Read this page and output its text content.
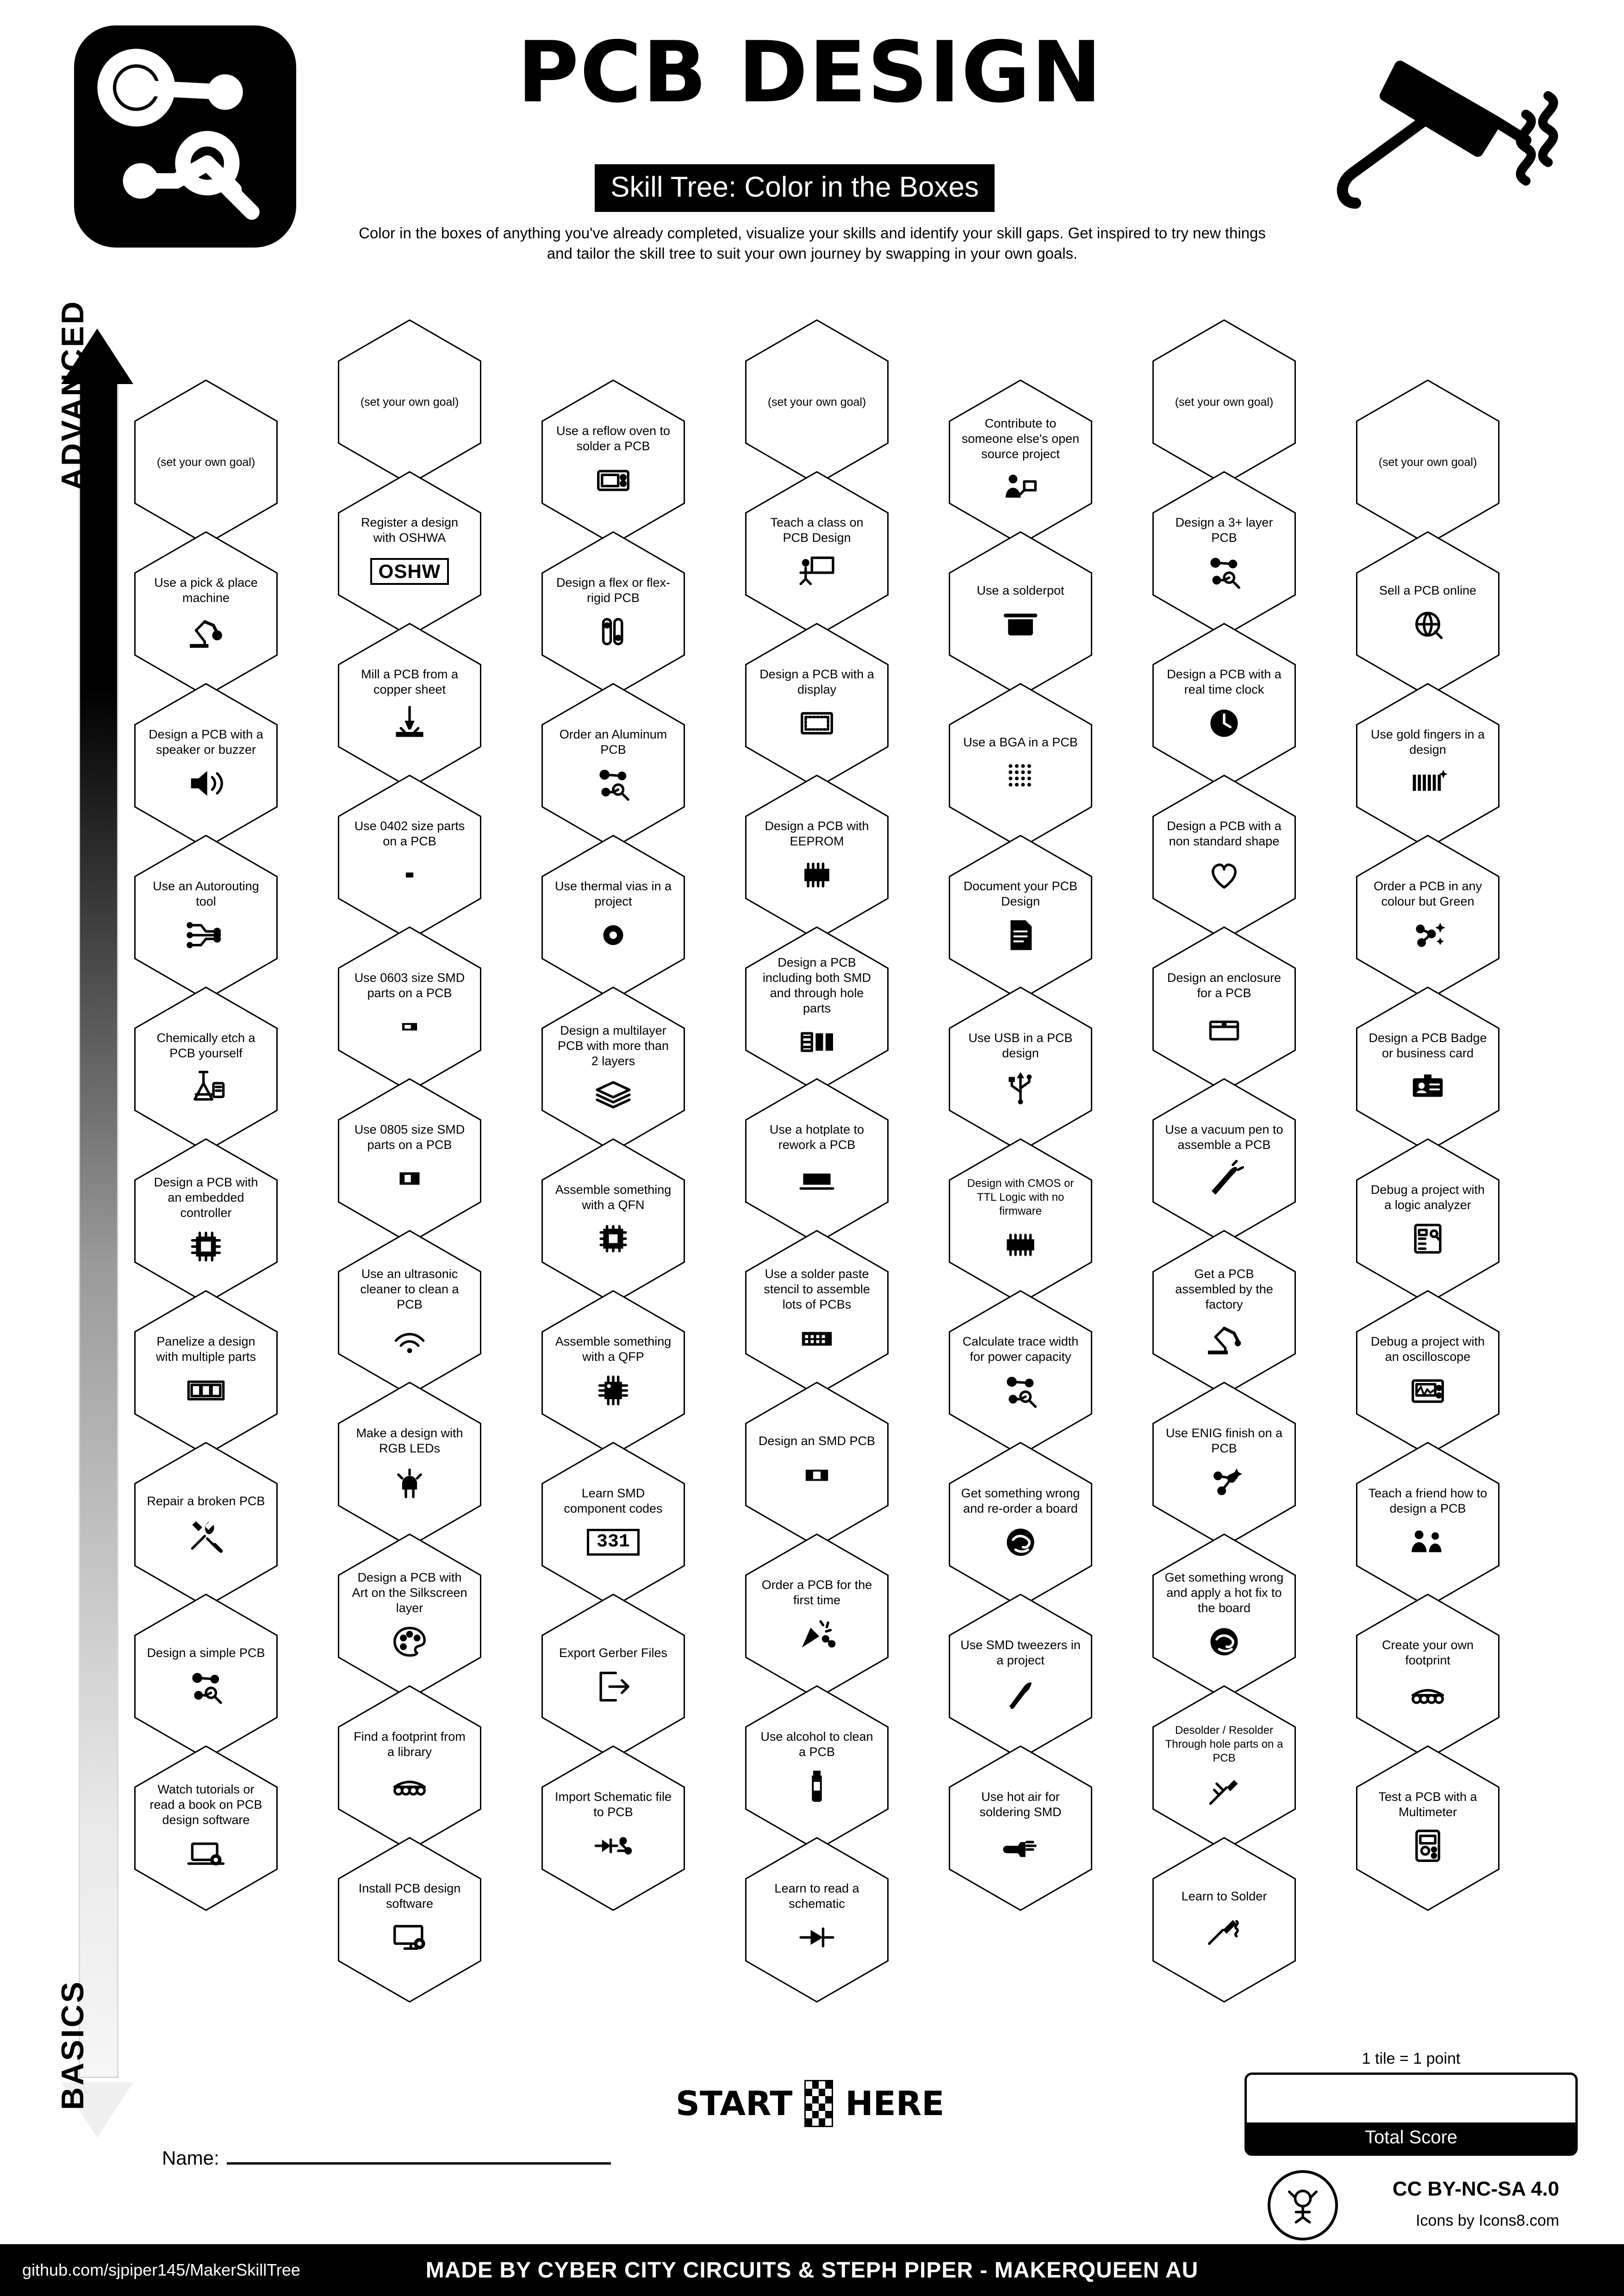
PCB DESIGN
Skill Tree: Color in the Boxes
Color in the boxes of anything you've already completed, visualize your skills and identify your skill gaps. Get inspired to try new things and tailor the skill tree to suit your own journey by swapping in your own goals.
ADVANCED
BASICS
(set your own goal)
Use a pick & place machine
Design a PCB with a speaker or buzzer
Use an Autorouting tool
Chemically etch a PCB yourself
Design a PCB with an embedded controller
Panelize a design with multiple parts
Repair a broken PCB
Design a simple PCB
Watch tutorials or read a book on PCB design software
(set your own goal)
Register a design with OSHWA
OSHW
Mill a PCB from a copper sheet
Use 0402 size parts on a PCB
Use 0603 size SMD parts on a PCB
Use 0805 size SMD parts on a PCB
Use an ultrasonic cleaner to clean a PCB
Make a design with RGB LEDs
Design a PCB with Art on the Silkscreen layer
Find a footprint from a library
Install PCB design software
Use a reflow oven to solder a PCB
Design a flex or flex-rigid PCB
Order an Aluminum PCB
Use thermal vias in a project
Design a multilayer PCB with more than 2 layers
Assemble something with a QFN
Assemble something with a QFP
Learn SMD component codes
331
Export Gerber Files
Import Schematic file to PCB
(set your own goal)
Teach a class on PCB Design
Design a PCB with a display
Design a PCB with EEPROM
Design a PCB including both SMD and through hole parts
Use a hotplate to rework a PCB
Use a solder paste stencil to assemble lots of PCBs
Design an SMD PCB
Order a PCB for the first time
Use alcohol to clean a PCB
Learn to read a schematic
Contribute to someone else's open source project
Use a solderpot
Use a BGA in a PCB
Document your PCB Design
Use USB in a PCB design
Design with CMOS or TTL Logic with no firmware
Calculate trace width for power capacity
Get something wrong and re-order a board
Use SMD tweezers in a project
Use hot air for soldering SMD
(set your own goal)
Design a 3+ layer PCB
Design a PCB with a real time clock
Design a PCB with a non standard shape
Design an enclosure for a PCB
Use a vacuum pen to assemble a PCB
Get a PCB assembled by the factory
Use ENIG finish on a PCB
Get something wrong and apply a hot fix to the board
Desolder / Resolder Through hole parts on a PCB
Learn to Solder
(set your own goal)
Sell a PCB online
Use gold fingers in a design
Order a PCB in any colour but Green
Design a PCB Badge or business card
Debug a project with a logic analyzer
Debug a project with an oscilloscope
Teach a friend how to design a PCB
Create your own footprint
Test a PCB with a Multimeter
START HERE
Name:
1 tile = 1 point
Total Score
CC BY-NC-SA 4.0
Icons by Icons8.com
MADE BY CYBER CITY CIRCUITS & STEPH PIPER - MAKERQUEEN AU
github.com/sjpiper145/MakerSkillTree
